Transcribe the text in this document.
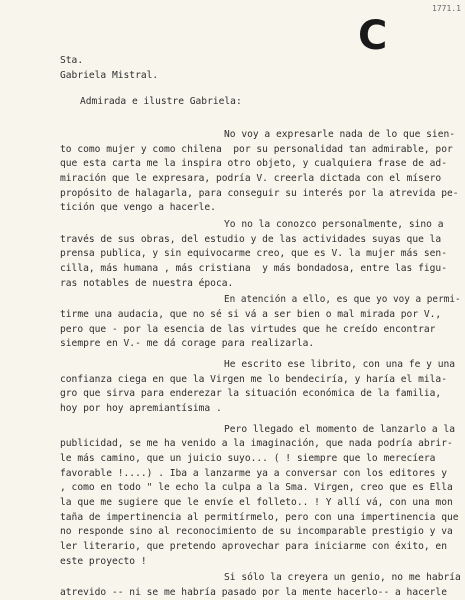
1771.1
C
Sta.
Gabriela Mistral.
Admirada e ilustre Gabriela:
No voy a expresarle nada de lo que sien-
to como mujer y como chilena  por su personalidad tan admirable, por
que esta carta me la inspira otro objeto, y cualquiera frase de ad-
miración que le expresara, podría V. creerla dictada con el mísero
propósito de halagarla, para conseguir su interés por la atrevida pe-
tición que vengo a hacerle.
Yo no la conozco personalmente, sino a
través de sus obras, del estudio y de las actividades suyas que la
prensa publica, y sin equivocarme creo, que es V. la mujer más sen-
cilla, más humana , más cristiana  y más bondadosa, entre las figu-
ras notables de nuestra época.
En atención a ello, es que yo voy a permi-
tirme una audacia, que no sé si vá a ser bien o mal mirada por V.,
pero que - por la esencia de las virtudes que he creído encontrar
siempre en V.- me dá corage para realizarla.
He escrito ese librito, con una fe y una
confianza ciega en que la Virgen me lo bendeciría, y haría el mila-
gro que sirva para enderezar la situación económica de la familia,
hoy por hoy apremiantísima .
Pero llegado el momento de lanzarlo a la
publicidad, se me ha venido a la imaginación, que nada podría abrir-
le más camino, que un juicio suyo... ( ! siempre que lo merecíera
favorable !....) . Iba a lanzarme ya a conversar con los editores y
, como en todo " le echo la culpa a la Sma. Virgen, creo que es Ella
la que me sugiere que le envíe el folleto.. ! Y allí vá, con una mon
taña de impertinencia al permitírmelo, pero con una impertinencia que
no responde sino al reconocimiento de su incomparable prestigio y va
ler literario, que pretendo aprovechar para iniciarme con éxito, en
este proyecto !
Si sólo la creyera un genio, no me habría
atrevido -- ni se me habría pasado por la mente hacerlo-- a hacerle
